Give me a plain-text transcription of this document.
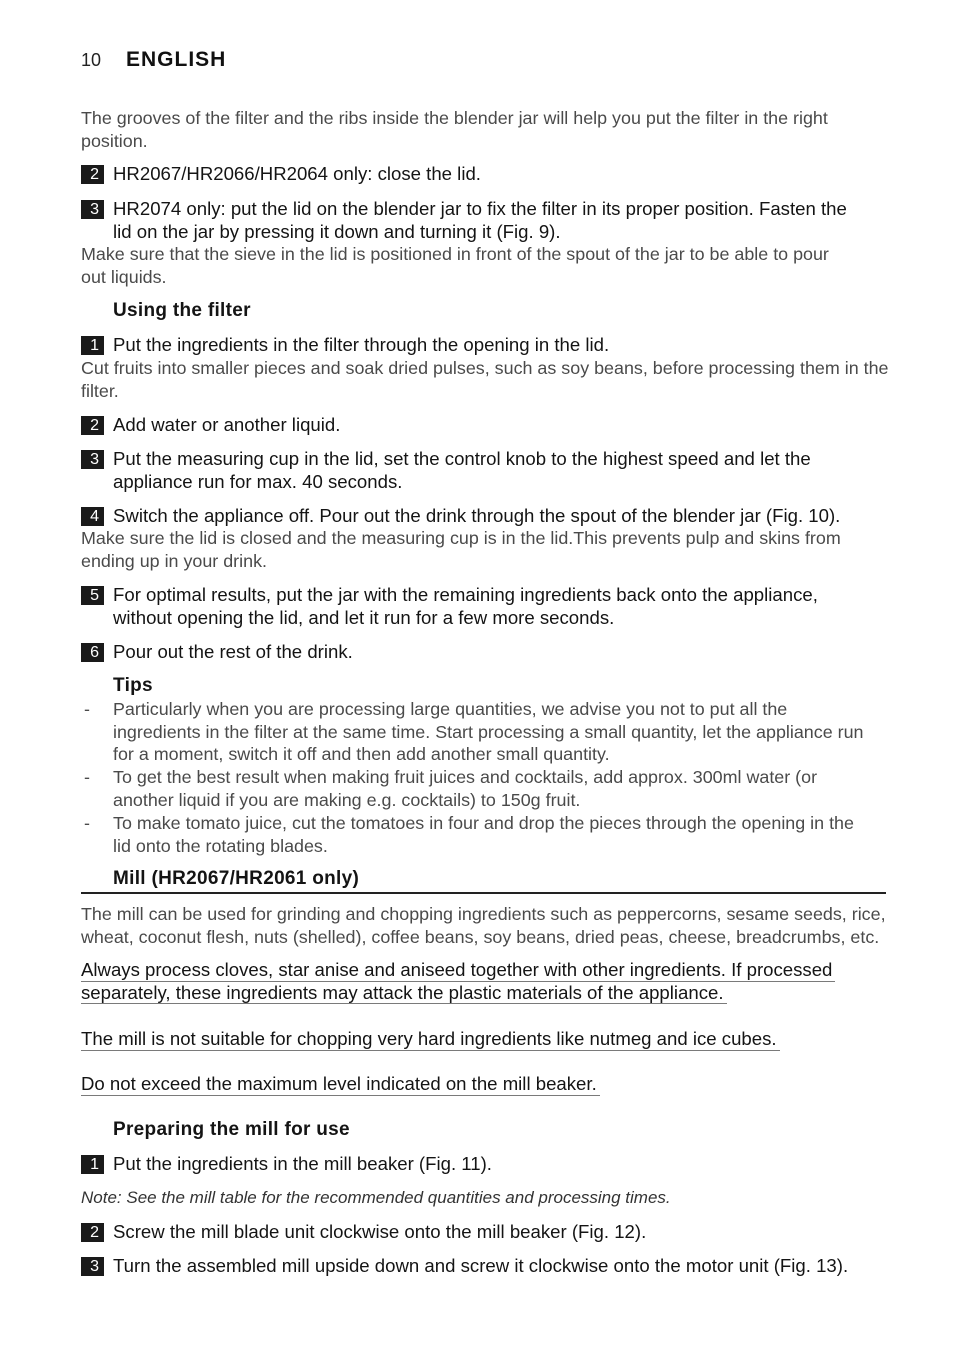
10 ENGLISH
The grooves of the filter and the ribs inside the blender jar will help you put the filter in the right
position.
2 HR2067/HR2066/HR2064 only: close the lid.
3 HR2074 only: put the lid on the blender jar to fix the filter in its proper position. Fasten the
lid on the jar by pressing it down and turning it (Fig. 9).
Make sure that the sieve in the lid is positioned in front of the spout of the jar to be able to pour
out liquids.
Using the filter
1 Put the ingredients in the filter through the opening in the lid.
Cut fruits into smaller pieces and soak dried pulses, such as soy beans, before processing them in the
filter.
2 Add water or another liquid.
3 Put the measuring cup in the lid, set the control knob to the highest speed and let the
appliance run for max. 40 seconds.
4 Switch the appliance off. Pour out the drink through the spout of the blender jar (Fig. 10).
Make sure the lid is closed and the measuring cup is in the lid.This prevents pulp and skins from
ending up in your drink.
5 For optimal results, put the jar with the remaining ingredients back onto the appliance,
without opening the lid, and let it run for a few more seconds.
6 Pour out the rest of the drink.
Tips
- Particularly when you are processing large quantities, we advise you not to put all the
ingredients in the filter at the same time. Start processing a small quantity, let the appliance run
for a moment, switch it off and then add another small quantity.
- To get the best result when making fruit juices and cocktails, add approx. 300ml water (or
another liquid if you are making e.g. cocktails) to 150g fruit.
- To make tomato juice, cut the tomatoes in four and drop the pieces through the opening in the
lid onto the rotating blades.
Mill (HR2067/HR2061 only)
The mill can be used for grinding and chopping ingredients such as peppercorns, sesame seeds, rice,
wheat, coconut flesh, nuts (shelled), coffee beans, soy beans, dried peas, cheese, breadcrumbs, etc.
Always process cloves, star anise and aniseed together with other ingredients. If processed
separately, these ingredients may attack the plastic materials of the appliance.
The mill is not suitable for chopping very hard ingredients like nutmeg and ice cubes.
Do not exceed the maximum level indicated on the mill beaker.
Preparing the mill for use
1 Put the ingredients in the mill beaker (Fig. 11).
Note: See the mill table for the recommended quantities and processing times.
2 Screw the mill blade unit clockwise onto the mill beaker (Fig. 12).
3 Turn the assembled mill upside down and screw it clockwise onto the motor unit (Fig. 13).
